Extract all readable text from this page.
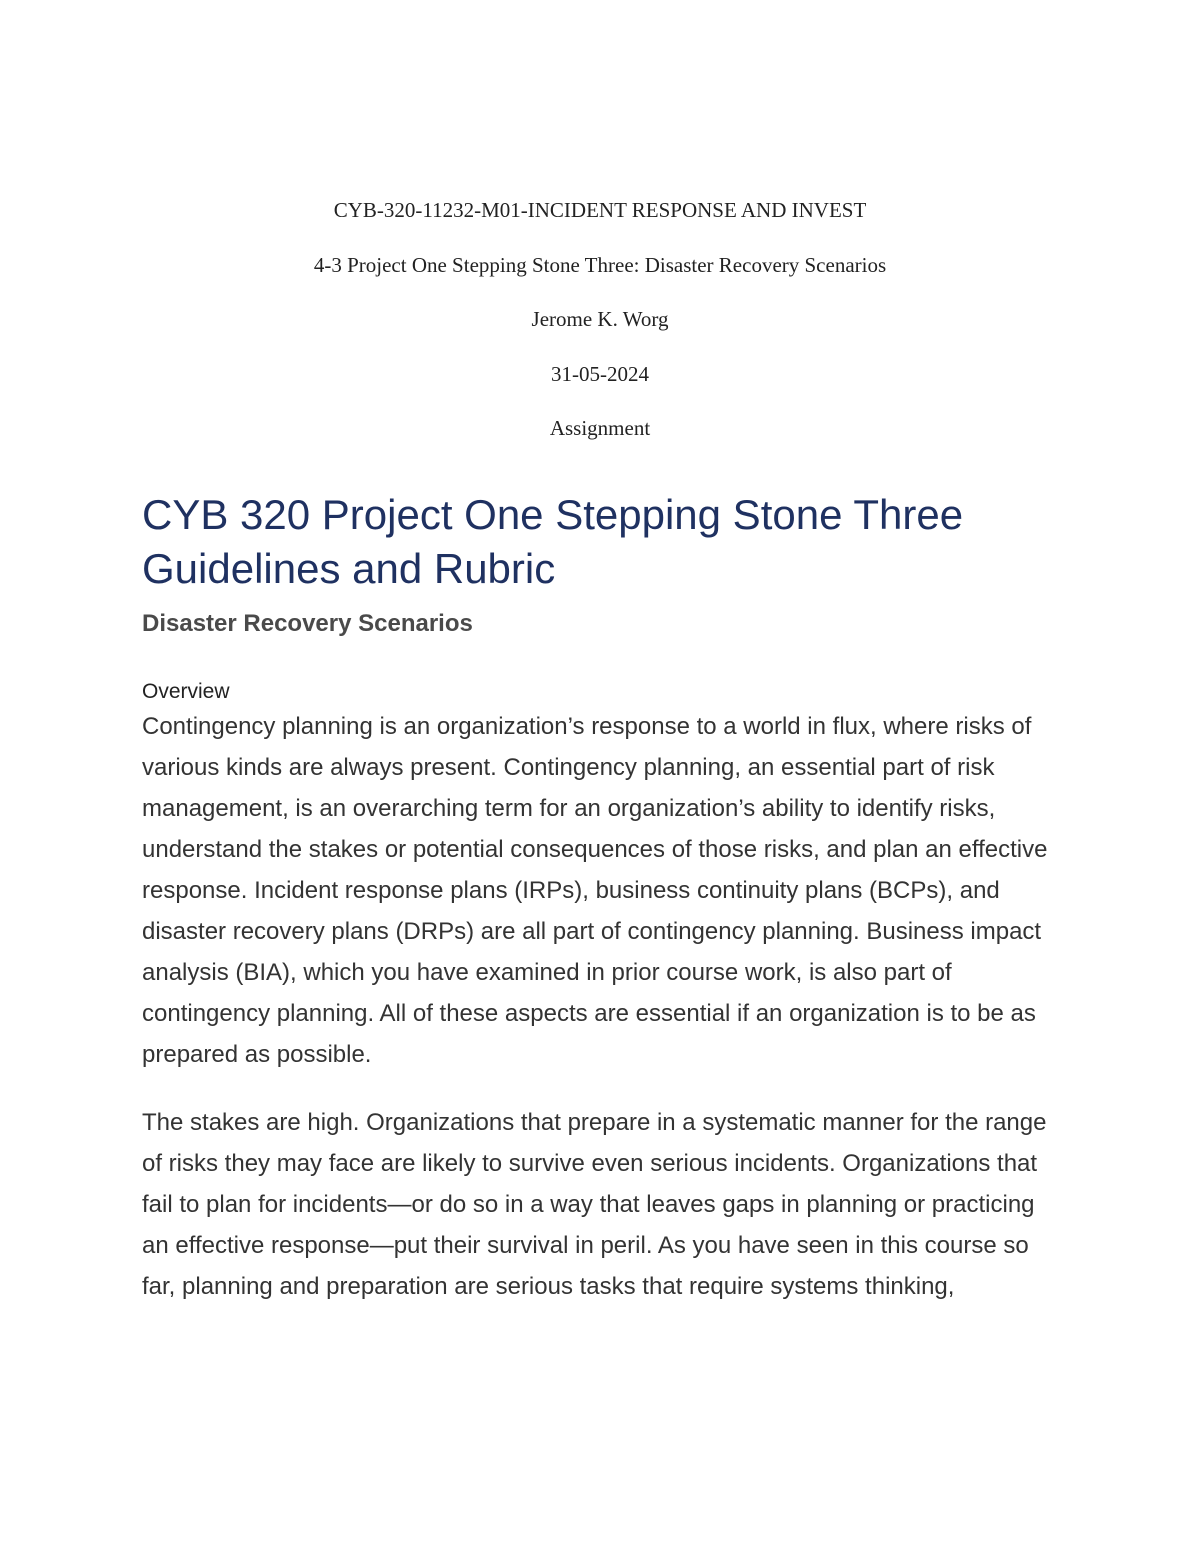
CYB-320-11232-M01-INCIDENT RESPONSE AND INVEST

4-3 Project One Stepping Stone Three: Disaster Recovery Scenarios

Jerome K. Worg

31-05-2024

Assignment

CYB 320 Project One Stepping Stone Three Guidelines and Rubric
Disaster Recovery Scenarios
Overview

Contingency planning is an organization’s response to a world in flux, where risks of various kinds are always present. Contingency planning, an essential part of risk management, is an overarching term for an organization’s ability to identify risks, understand the stakes or potential consequences of those risks, and plan an effective response. Incident response plans (IRPs), business continuity plans (BCPs), and disaster recovery plans (DRPs) are all part of contingency planning. Business impact analysis (BIA), which you have examined in prior course work, is also part of contingency planning. All of these aspects are essential if an organization is to be as prepared as possible.

The stakes are high. Organizations that prepare in a systematic manner for the range of risks they may face are likely to survive even serious incidents. Organizations that fail to plan for incidents—or do so in a way that leaves gaps in planning or practicing an effective response—put their survival in peril. As you have seen in this course so far, planning and preparation are serious tasks that require systems thinking,
